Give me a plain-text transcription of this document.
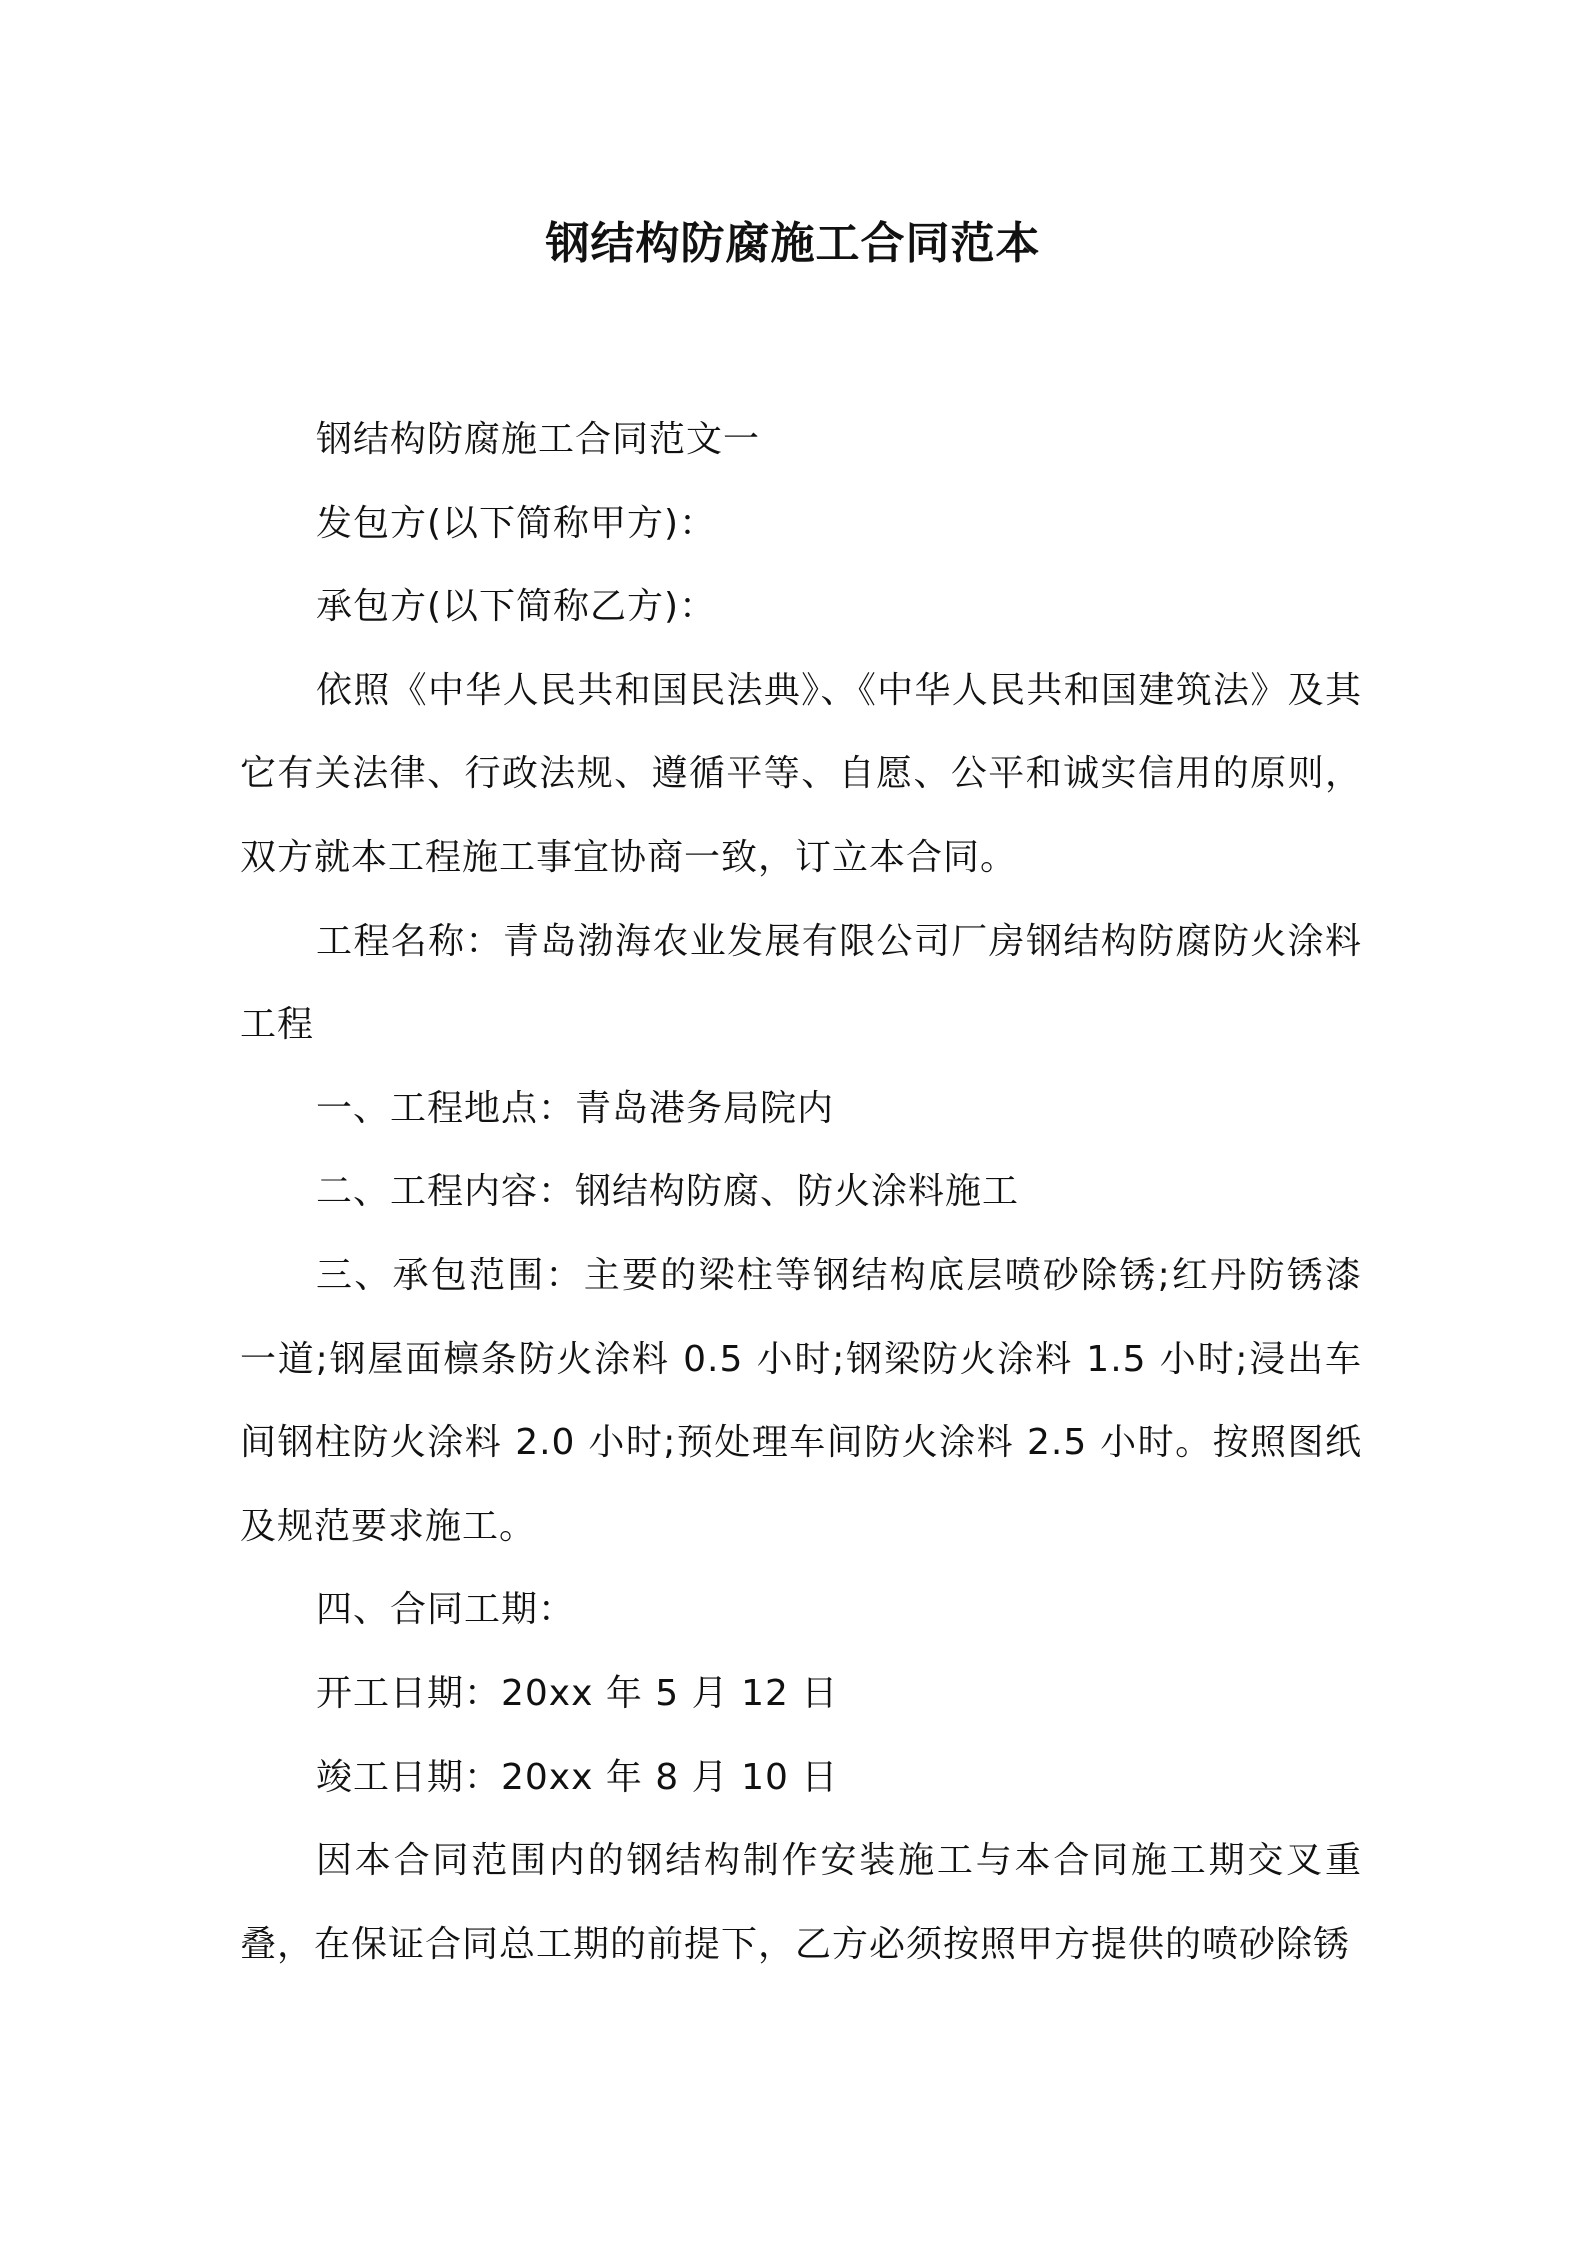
钢结构防腐施工合同范本

钢结构防腐施工合同范文一

发包方(以下简称甲方)：

承包方(以下简称乙方)：

依照《中华人民共和国民法典》、《中华人民共和国建筑法》及其它有关法律、行政法规、遵循平等、自愿、公平和诚实信用的原则，双方就本工程施工事宜协商一致，订立本合同。

工程名称：青岛渤海农业发展有限公司厂房钢结构防腐防火涂料工程

一、工程地点：青岛港务局院内

二、工程内容：钢结构防腐、防火涂料施工

三、承包范围：主要的梁柱等钢结构底层喷砂除锈;红丹防锈漆一道;钢屋面檩条防火涂料 0.5 小时;钢梁防火涂料 1.5 小时;浸出车间钢柱防火涂料 2.0 小时;预处理车间防火涂料 2.5 小时。按照图纸及规范要求施工。

四、合同工期：

开工日期：20xx 年 5 月 12 日

竣工日期：20xx 年 8 月 10 日

因本合同范围内的钢结构制作安装施工与本合同施工期交叉重叠，在保证合同总工期的前提下，乙方必须按照甲方提供的喷砂除锈
